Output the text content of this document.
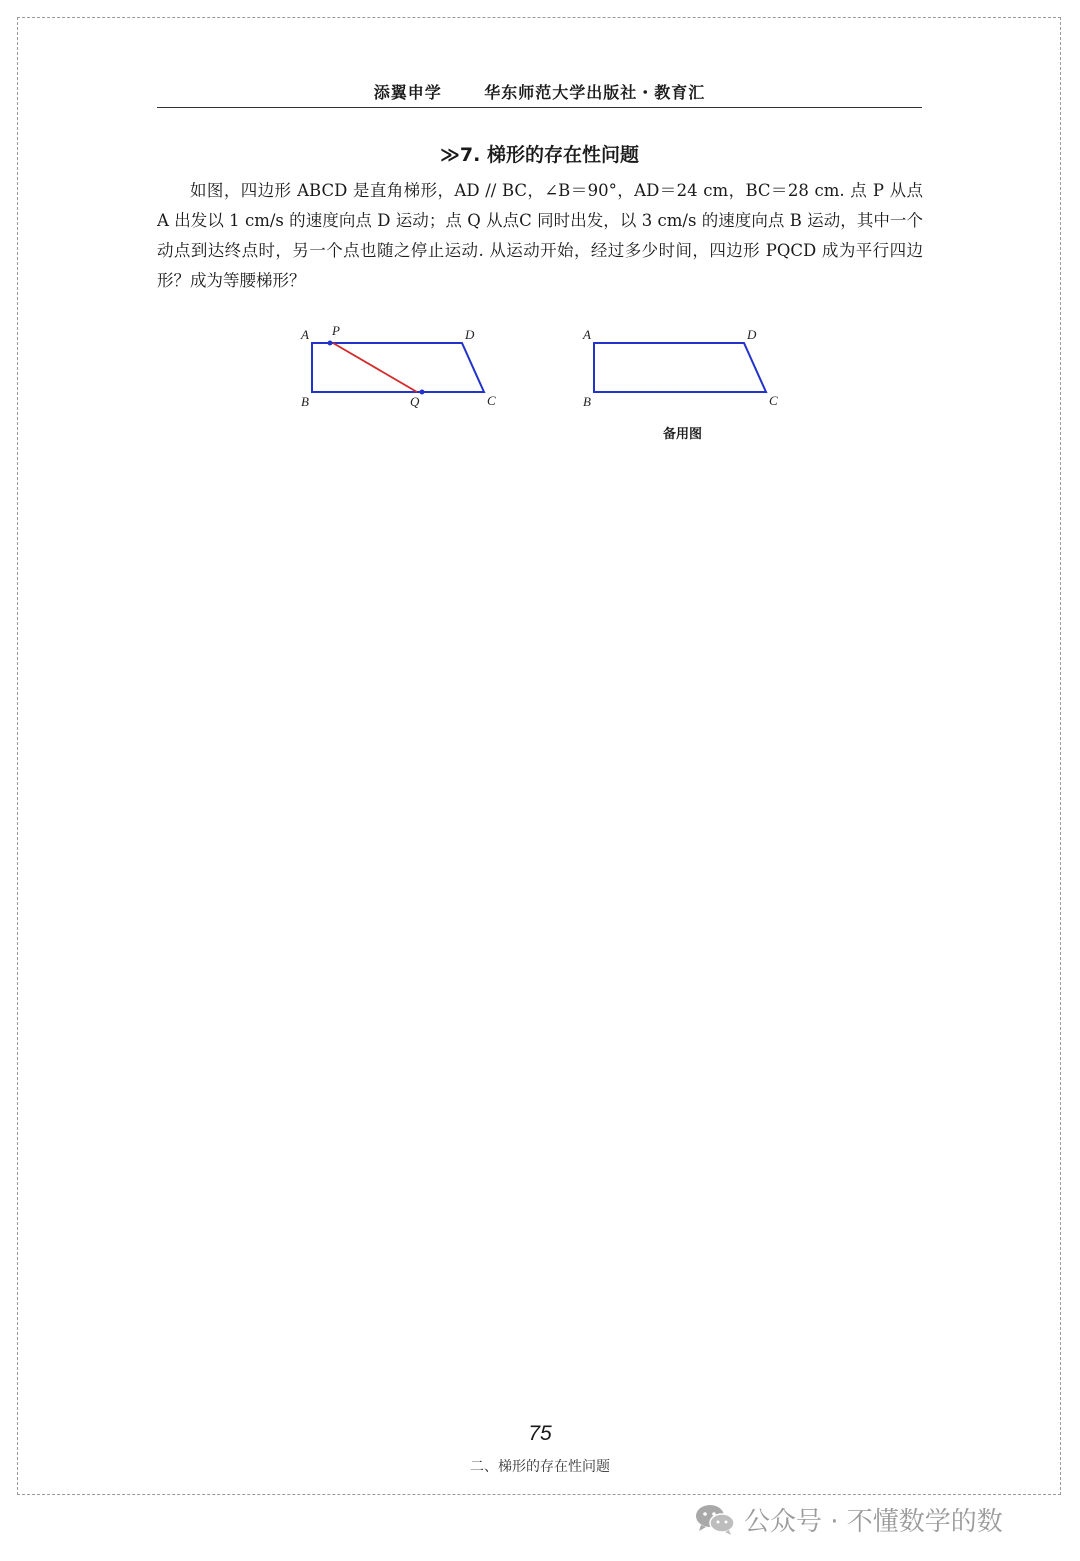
添翼申学	华东师范大学出版社・教育汇
≫7. 梯形的存在性问题

如图，四边形 ABCD 是直角梯形，AD // BC，∠B＝90°，AD＝24 cm，BC＝28 cm. 点 P 从点 A 出发以 1 cm/s 的速度向点 D 运动；点 Q 从点C 同时出发，以 3 cm/s 的速度向点 B 运动，其中一个动点到达终点时，另一个点也随之停止运动. 从运动开始，经过多少时间，四边形 PQCD 成为平行四边形？成为等腰梯形？

A P	D
B	Q	C
A	D
B	C
备用图
75
二、梯形的存在性问题
公众号 · 不懂数学的数
